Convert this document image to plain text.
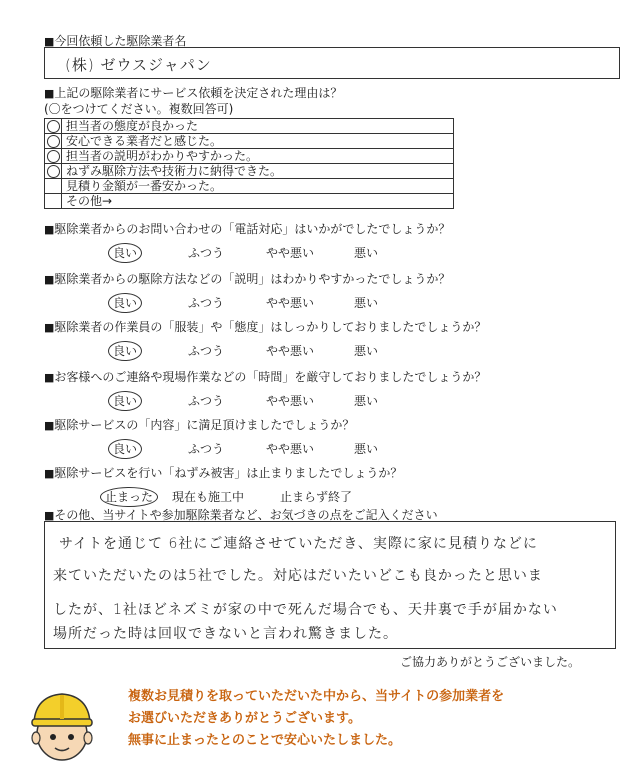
■今回依頼した駆除業者名
(株) ゼウスジャパン
■上記の駆除業者にサービス依頼を決定された理由は？
(〇をつけてください。複数回答可)
	担当者の態度が良かった
	安心できる業者だと感じた。
	担当者の説明がわかりやすかった。
	ねずみ駆除方法や技術力に納得できた。
	見積り金額が一番安かった。
	その他→
■駆除業者からのお問い合わせの「電話対応」はいかがでしたでしょうか？
良い	ふつう	やや悪い	悪い
■駆除業者からの駆除方法などの「説明」はわかりやすかったでしょうか？
良い	ふつう	やや悪い	悪い
■駆除業者の作業員の「服装」や「態度」はしっかりしておりましたでしょうか？
良い	ふつう	やや悪い	悪い
■お客様へのご連絡や現場作業などの「時間」を厳守しておりましたでしょうか？
良い	ふつう	やや悪い	悪い
■駆除サービスの「内容」に満足頂けましたでしょうか？
良い	ふつう	やや悪い	悪い
■駆除サービスを行い「ねずみ被害」は止まりましたでしょうか？
止まった	現在も施工中	止まらず終了
■その他、当サイトや参加駆除業者など、お気づきの点をご記入ください
サイトを通じて 6社にご連絡させていただき、実際に家に見積りなどに
来ていただいたのは5社でした。対応はだいたいどこも良かったと思いま
したが、1社ほどネズミが家の中で死んだ場合でも、天井裏で手が届かない
場所だった時は回収できないと言われ驚きました。
ご協力ありがとうございました。
複数お見積りを取っていただいた中から、当サイトの参加業者を
お選びいただきありがとうございます。
無事に止まったとのことで安心いたしました。
